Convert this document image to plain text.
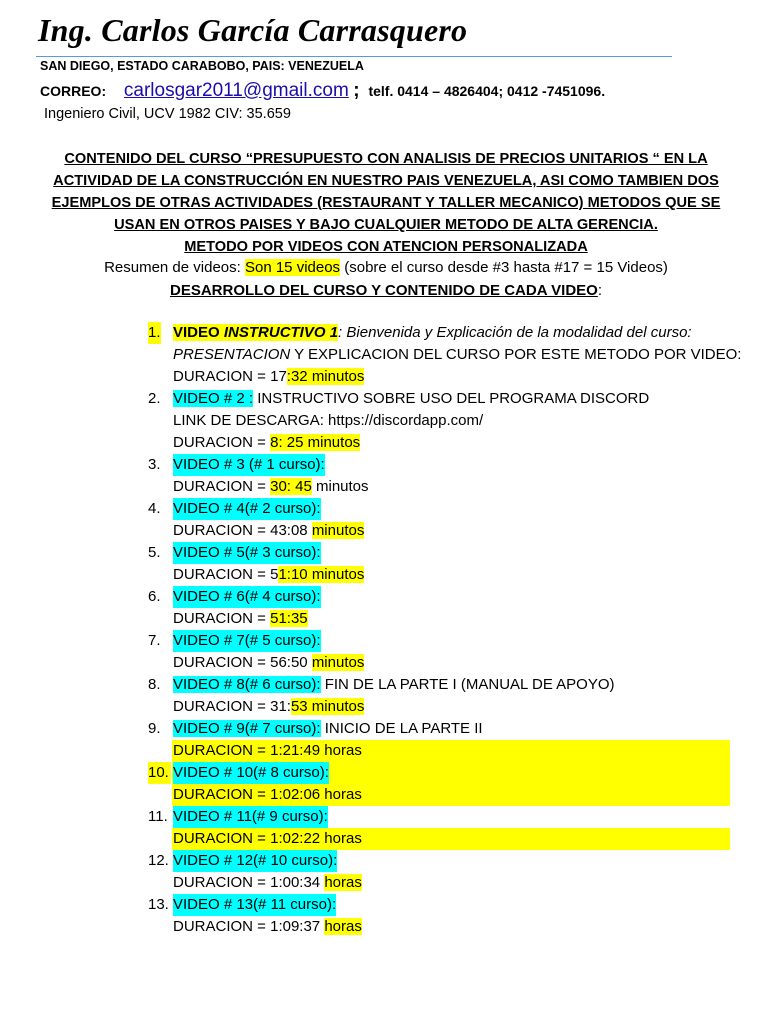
Ing. Carlos García Carrasquero
SAN DIEGO, ESTADO CARABOBO, PAIS: VENEZUELA
CORREO: carlosgar2011@gmail.com ; telf. 0414 – 4826404; 0412 -7451096.
Ingeniero Civil, UCV 1982 CIV: 35.659
CONTENIDO DEL CURSO “PRESUPUESTO CON ANALISIS DE PRECIOS UNITARIOS “ EN LA
ACTIVIDAD DE LA CONSTRUCCIÓN EN NUESTRO PAIS VENEZUELA, ASI COMO TAMBIEN DOS
EJEMPLOS DE OTRAS ACTIVIDADES (RESTAURANT Y TALLER MECANICO) METODOS QUE SE
USAN EN OTROS PAISES Y BAJO CUALQUIER METODO DE ALTA GERENCIA.
METODO POR VIDEOS CON ATENCION PERSONALIZADA
Resumen de videos: Son 15 videos (sobre el curso desde #3 hasta #17 = 15 Videos)
DESARROLLO DEL CURSO Y CONTENIDO DE CADA VIDEO:
1. VIDEO INSTRUCTIVO 1: Bienvenida y Explicación de la modalidad del curso:
PRESENTACION Y EXPLICACION DEL CURSO POR ESTE METODO POR VIDEO:
DURACION = 17:32 minutos
2. VIDEO # 2 : INSTRUCTIVO SOBRE USO DEL PROGRAMA DISCORD
LINK DE DESCARGA: https://discordapp.com/
DURACION = 8: 25 minutos
3. VIDEO # 3 (# 1 curso):
DURACION = 30: 45 minutos
4. VIDEO # 4(# 2 curso):
DURACION = 43:08 minutos
5. VIDEO # 5(# 3 curso):
DURACION = 51:10 minutos
6. VIDEO # 6(# 4 curso):
DURACION = 51:35
7. VIDEO # 7(# 5 curso):
DURACION = 56:50 minutos
8. VIDEO # 8(# 6 curso): FIN DE LA PARTE I (MANUAL DE APOYO)
DURACION = 31:53 minutos
9. VIDEO # 9(# 7 curso): INICIO DE LA PARTE II
DURACION = 1:21:49 horas
10. VIDEO # 10(# 8 curso):
DURACION = 1:02:06 horas
11. VIDEO # 11(# 9 curso):
DURACION = 1:02:22 horas
12. VIDEO # 12(# 10 curso):
DURACION = 1:00:34 horas
13. VIDEO # 13(# 11 curso):
DURACION = 1:09:37 horas
